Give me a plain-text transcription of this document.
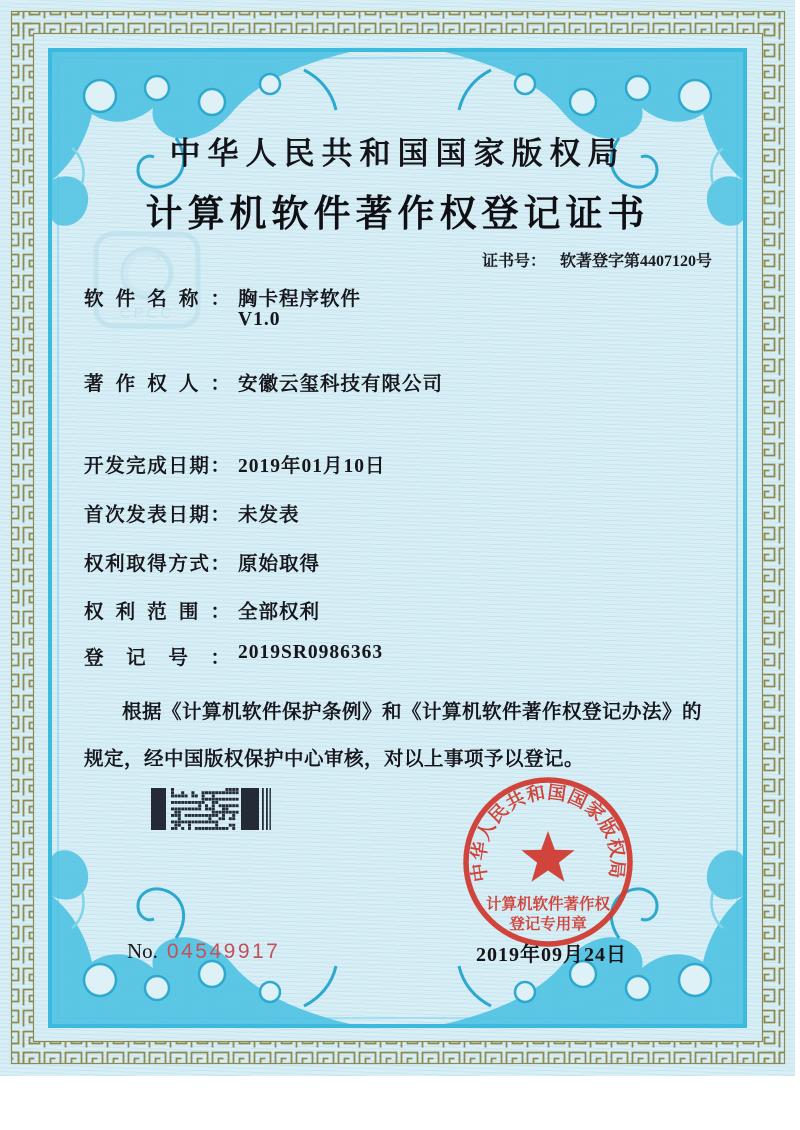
CPCC
中华人民共和国国家版权局
计算机软件著作权登记证书
证书号： 软著登字第4407120号
软件名称： 胸卡程序软件
V1.0
著作权人： 安徽云玺科技有限公司
开发完成日期： 2019年01月10日
首次发表日期： 未发表
权利取得方式： 原始取得
权利范围： 全部权利
登记号： 2019SR0986363
根据《计算机软件保护条例》和《计算机软件著作权登记办法》的
规定，经中国版权保护中心审核，对以上事项予以登记。
中华人民共和国国家版权局
计算机软件著作权
登记专用章
No. 04549917	2019年09月24日
